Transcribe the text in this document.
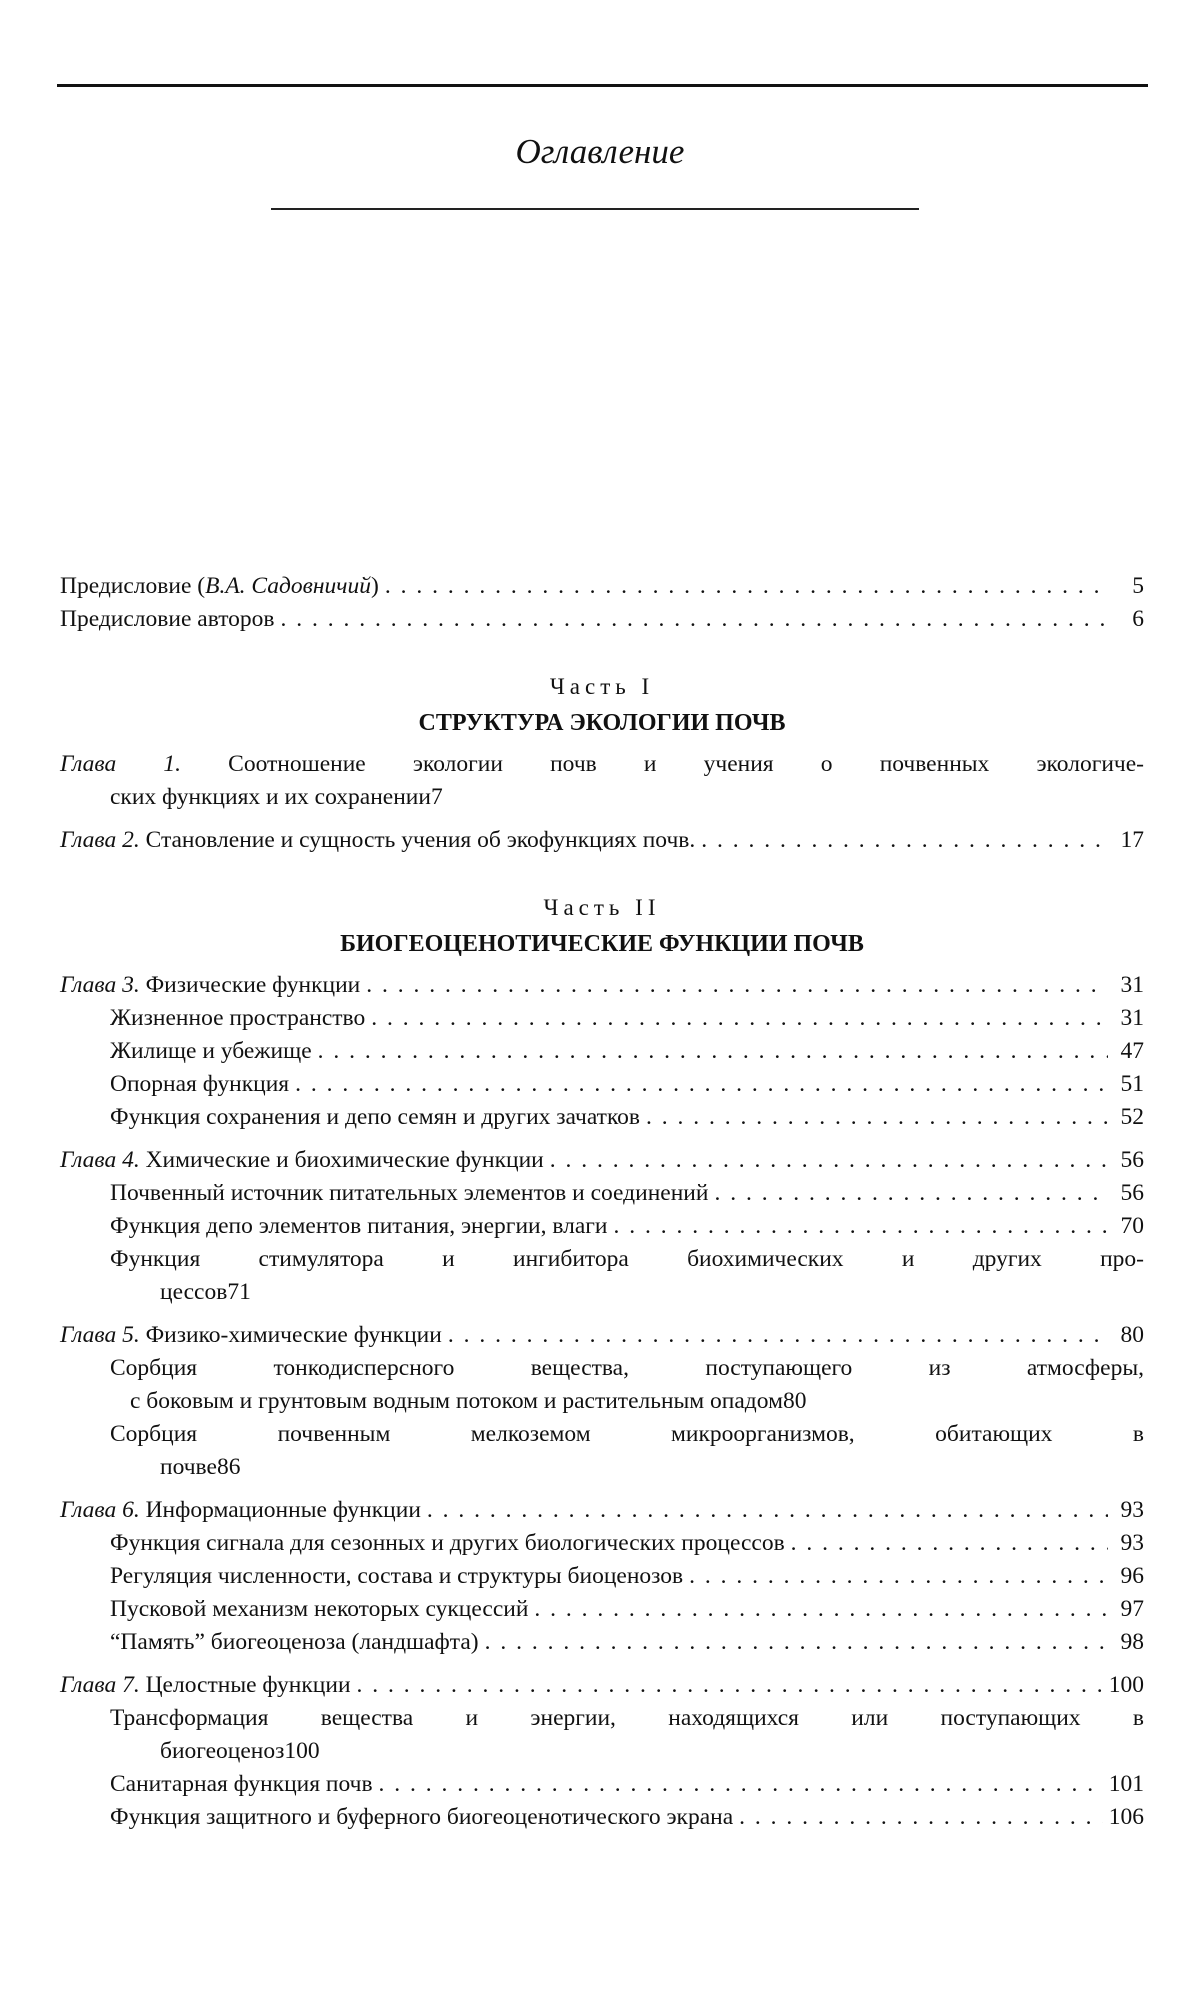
Оглавление
Предисловие (В.А. Садовничий) . . .	5
Предисловие авторов . . .	6
Часть I
СТРУКТУРА ЭКОЛОГИИ ПОЧВ
Глава 1. Соотношение экологии почв и учения о почвенных экологиче-
ских функциях и их сохранении 7
Глава 2. Становление и сущность учения об экофункциях почв. . . .	17
Часть II
БИОГЕОЦЕНОТИЧЕСКИЕ ФУНКЦИИ ПОЧВ
Глава 3. Физические функции . . .	31
Жизненное пространство . . .	31
Жилище и убежище . . .	47
Опорная функция . . .	51
Функция сохранения и депо семян и других зачатков . . .	52
Глава 4. Химические и биохимические функции . . .	56
Почвенный источник питательных элементов и соединений . . .	56
Функция депо элементов питания, энергии, влаги . . .	70
Функция стимулятора и ингибитора биохимических и других про-
цессов 71
Глава 5. Физико-химические функции . . .	80
Сорбция тонкодисперсного вещества, поступающего из атмосферы,
с боковым и грунтовым водным потоком и растительным опадом 80
Сорбция почвенным мелкоземом микроорганизмов, обитающих в
почве 86
Глава 6. Информационные функции . . .	93
Функция сигнала для сезонных и других биологических процессов . . .	93
Регуляция численности, состава и структуры биоценозов . . .	96
Пусковой механизм некоторых сукцессий . . .	97
“Память” биогеоценоза (ландшафта) . . .	98
Глава 7. Целостные функции . . .	100
Трансформация вещества и энергии, находящихся или поступающих в
биогеоценоз 100
Санитарная функция почв . . .	101
Функция защитного и буферного биогеоценотического экрана . . .	106
